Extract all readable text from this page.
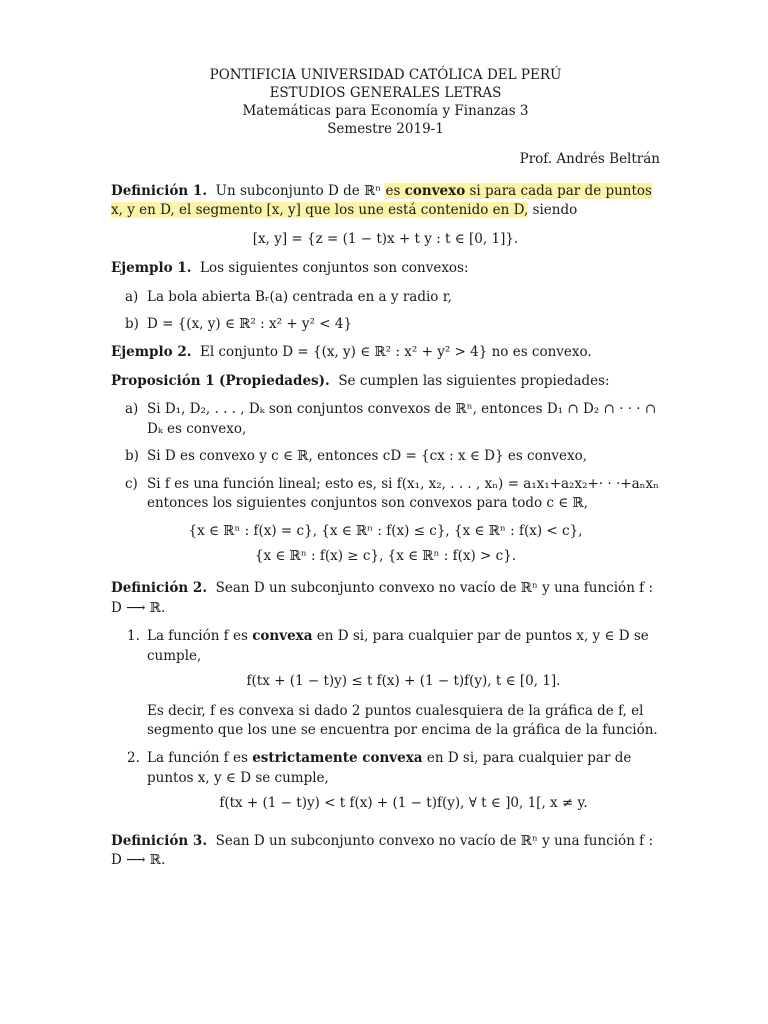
PONTIFICIA UNIVERSIDAD CATÓLICA DEL PERÚ
ESTUDIOS GENERALES LETRAS
Matemáticas para Economía y Finanzas 3
Semestre 2019-1
Prof. Andrés Beltrán

Definición 1. Un subconjunto D de ℝⁿ es convexo si para cada par de puntos x, y en D, el segmento [x, y] que los une está contenido en D, siendo

[x, y] = {z = (1 − t)x + t y : t ∈ [0, 1]}.

Ejemplo 1. Los siguientes conjuntos son convexos:

a) La bola abierta Bᵣ(a) centrada en a y radio r,
b) D = {(x, y) ∈ ℝ² : x² + y² < 4}

Ejemplo 2. El conjunto D = {(x, y) ∈ ℝ² : x² + y² > 4} no es convexo.

Proposición 1 (Propiedades). Se cumplen las siguientes propiedades:

a) Si D₁, D₂, . . . , Dₖ son conjuntos convexos de ℝⁿ, entonces D₁ ∩ D₂ ∩ · · · ∩ Dₖ es convexo,
b) Si D es convexo y c ∈ ℝ, entonces cD = {cx : x ∈ D} es convexo,
c) Si f es una función lineal; esto es, si f(x₁, x₂, . . . , xₙ) = a₁x₁+a₂x₂+· · ·+aₙxₙ entonces los siguientes conjuntos son convexos para todo c ∈ ℝ,
{x ∈ ℝⁿ : f(x) = c}, {x ∈ ℝⁿ : f(x) ≤ c}, {x ∈ ℝⁿ : f(x) < c},
{x ∈ ℝⁿ : f(x) ≥ c}, {x ∈ ℝⁿ : f(x) > c}.

Definición 2. Sean D un subconjunto convexo no vacío de ℝⁿ y una función f : D ⟶ ℝ.

1. La función f es convexa en D si, para cualquier par de puntos x, y ∈ D se cumple,
f(tx + (1 − t)y) ≤ t f(x) + (1 − t)f(y), t ∈ [0, 1].
Es decir, f es convexa si dado 2 puntos cualesquiera de la gráfica de f, el segmento que los une se encuentra por encima de la gráfica de la función.
2. La función f es estrictamente convexa en D si, para cualquier par de puntos x, y ∈ D se cumple,
f(tx + (1 − t)y) < t f(x) + (1 − t)f(y), ∀ t ∈ ]0, 1[, x ≠ y.

Definición 3. Sean D un subconjunto convexo no vacío de ℝⁿ y una función f : D ⟶ ℝ.
